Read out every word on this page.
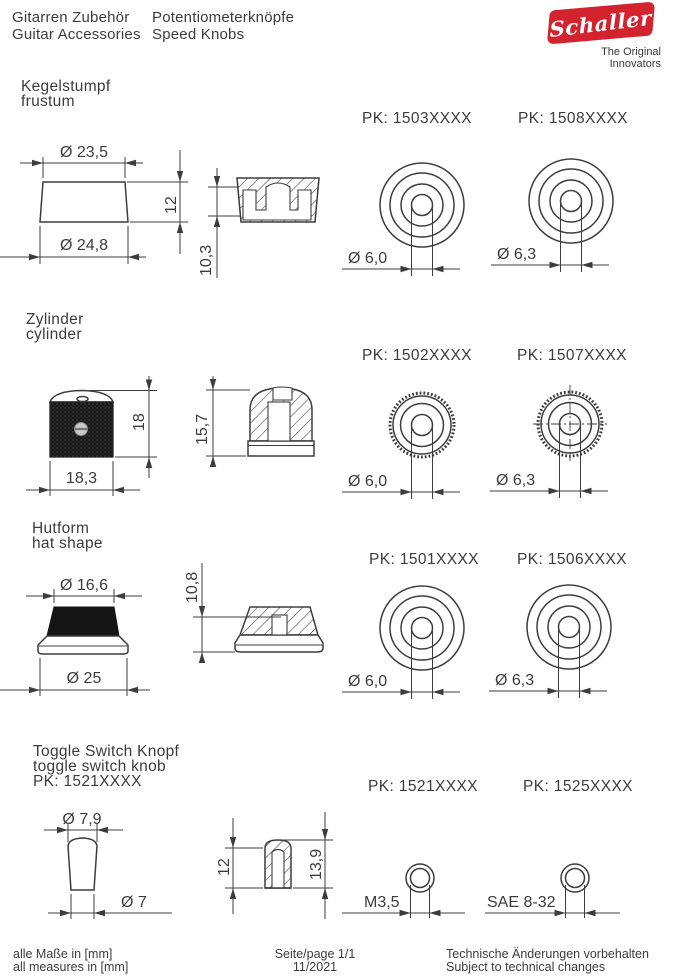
Gitarren Zubehör
Guitar Accessories
Potentiometerknöpfe
Speed Knobs	Schaller
The Original Innovators
Kegelstumpf
frustum
PK: 1503XXXX	PK: 1508XXXX
Ø 23,5
12
Ø 24,8	10,3	Ø 6,0	Ø 6,3
Zylinder
cylinder
PK: 1502XXXX	PK: 1507XXXX
18
18,3
15,7
Ø 6,0	Ø 6,3
Hutform
hat shape
PK: 1501XXXX PK: 1506XXXX
Ø 16,6
Ø 25
10,8
Ø 6,0	Ø 6,3
Toggle Switch Knopf
toggle switch knob
PK: 1521XXXX	PK: 1521XXXX	PK: 1525XXXX
Ø 7,9
Ø 7
12	13,9
M3,5	SAE 8-32
alle Maße in [mm]
all measures in [mm]
Seite/page 1/1
11/2021
Technische Änderungen vorbehalten
Subject to technical changes
